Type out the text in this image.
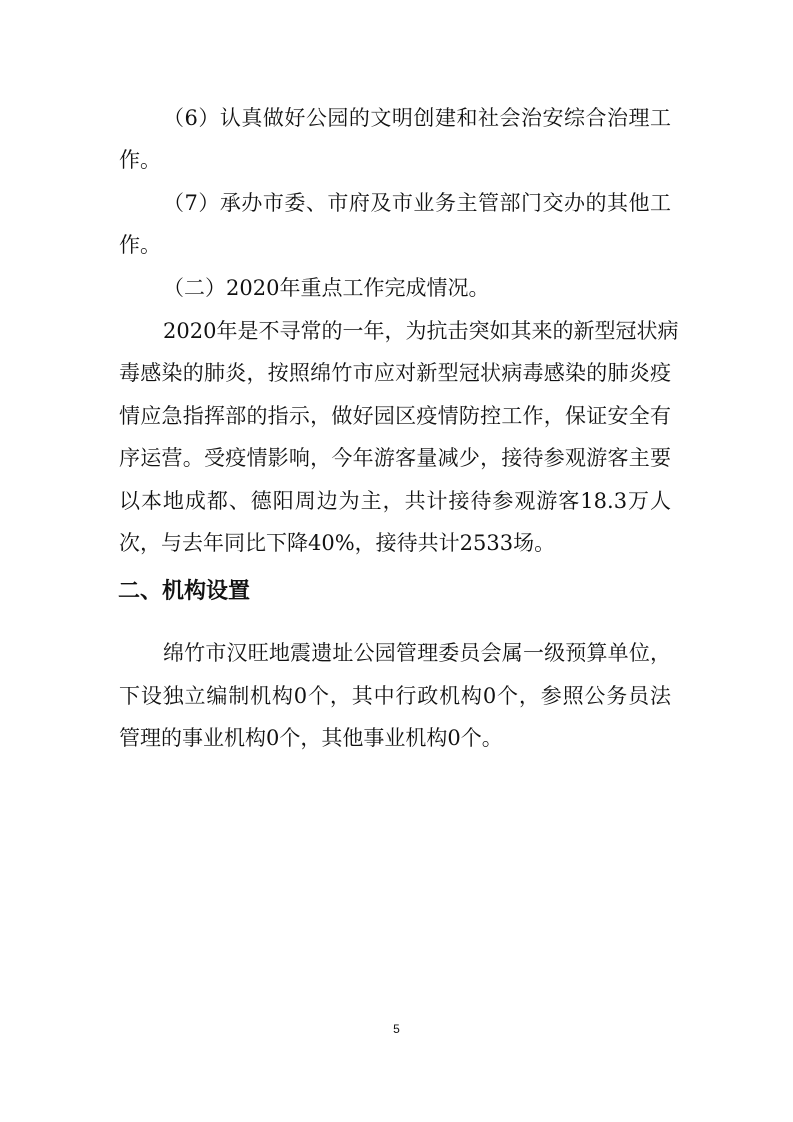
（6）认真做好公园的文明创建和社会治安综合治理工
作。
（7）承办市委、市府及市业务主管部门交办的其他工
作。
（二）2020年重点工作完成情况。
2020年是不寻常的一年，为抗击突如其来的新型冠状病
毒感染的肺炎，按照绵竹市应对新型冠状病毒感染的肺炎疫
情应急指挥部的指示，做好园区疫情防控工作，保证安全有
序运营。受疫情影响，今年游客量减少，接待参观游客主要
以本地成都、德阳周边为主，共计接待参观游客18.3万人
次，与去年同比下降40%，接待共计2533场。
二、机构设置
绵竹市汉旺地震遗址公园管理委员会属一级预算单位，
下设独立编制机构0个，其中行政机构0个，参照公务员法
管理的事业机构0个，其他事业机构0个。
5
